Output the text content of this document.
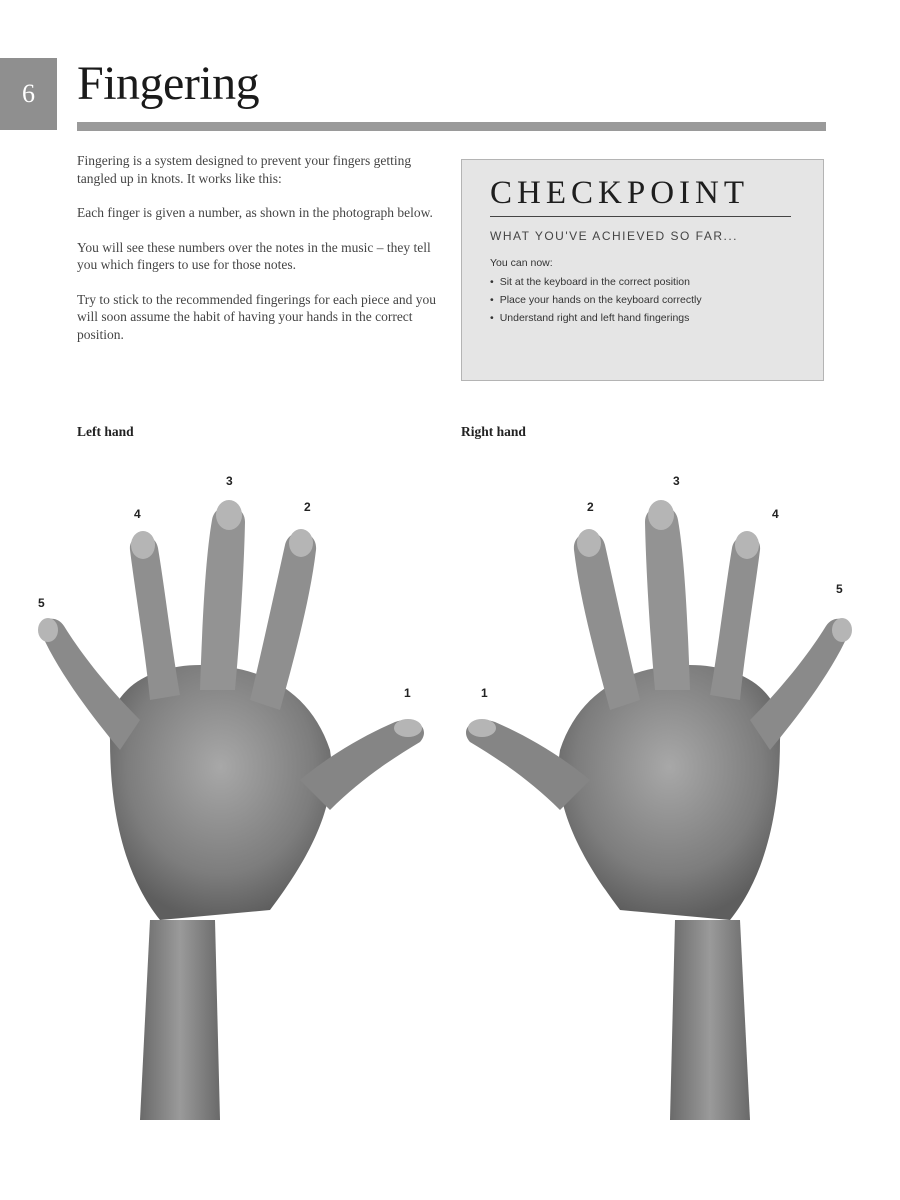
6 Fingering

Fingering is a system designed to prevent your fingers getting tangled up in knots. It works like this:

Each finger is given a number, as shown in the photograph below.

You will see these numbers over the notes in the music – they tell you which fingers to use for those notes.

Try to stick to the recommended fingerings for each piece and you will soon assume the habit of having your hands in the correct position.

CHECKPOINT
WHAT YOU'VE ACHIEVED SO FAR...
You can now:
• Sit at the keyboard in the correct position
• Place your hands on the keyboard correctly
• Understand right and left hand fingerings
Left hand	Right hand
5
4
3
2
1	1
2
3
4
5
